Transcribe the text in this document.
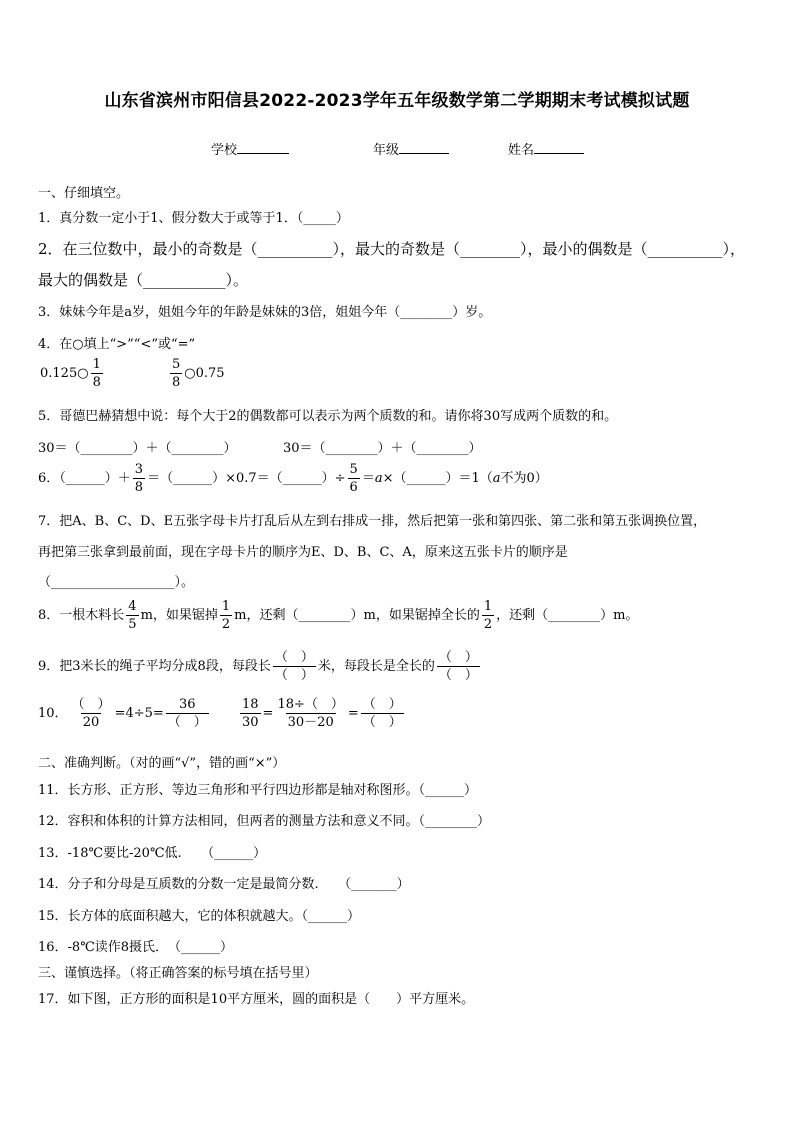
山东省滨州市阳信县2022-2023学年五年级数学第二学期期末考试模拟试题
学校	年级	姓名
一、仔细填空。
1．真分数一定小于1、假分数大于或等于1．（_____）
2．在三位数中，最小的奇数是（__________），最大的奇数是（________），最小的偶数是（__________），
最大的偶数是（___________）。
3．妹妹今年是a岁，姐姐今年的年龄是妹妹的3倍，姐姐今年（________）岁。
4．在○填上“>”“<”或“=”
0.125○ $\frac{1}{8}$	$\frac{5}{8}$ ○0.75
5．哥德巴赫猜想中说：每个大于2的偶数都可以表示为两个质数的和。请你将30写成两个质数的和。
30＝（________）＋（________）	30＝（________）＋（________）
6．（______）＋ $\frac{3}{8}$ ＝（______）×0.7＝（______）÷ $\frac{5}{6}$ ＝a×（______）＝1（a不为0）
7．把A、B、C、D、E五张字母卡片打乱后从左到右排成一排，然后把第一张和第四张、第二张和第五张调换位置，
再把第三张拿到最前面，现在字母卡片的顺序为E、D、B、C、A，原来这五张卡片的顺序是
（___________________）。
8．一根木料长 $\frac{4}{5}$ m，如果锯掉 $\frac{1}{2}$ m，还剩（________）m，如果锯掉全长的 $\frac{1}{2}$ ，还剩（________）m。
9．把3米长的绳子平均分成8段，每段长 $\frac{( )}{( )}$ 米，每段长是全长的 $\frac{( )}{( )}$
10． $\frac{( )}{20} =4\div 5= \frac{36}{( )} \frac{18}{30} = \frac{18\div( )}{30-20} = \frac{( )}{( )}$
二、准确判断。（对的画“√”，错的画“×”）
11．长方形、正方形、等边三角形和平行四边形都是轴对称图形。（______）
12．容积和体积的计算方法相同，但两者的测量方法和意义不同。（________）
13．-18℃要比-20℃低.　　（______）
14．分子和分母是互质数的分数一定是最简分数.　　（_______）
15．长方体的底面积越大，它的体积就越大。（______）
16．-8℃读作8摄氏．　（______）
三、谨慎选择。（将正确答案的标号填在括号里）
17．如下图，正方形的面积是10平方厘米，圆的面积是（　　）平方厘米。
